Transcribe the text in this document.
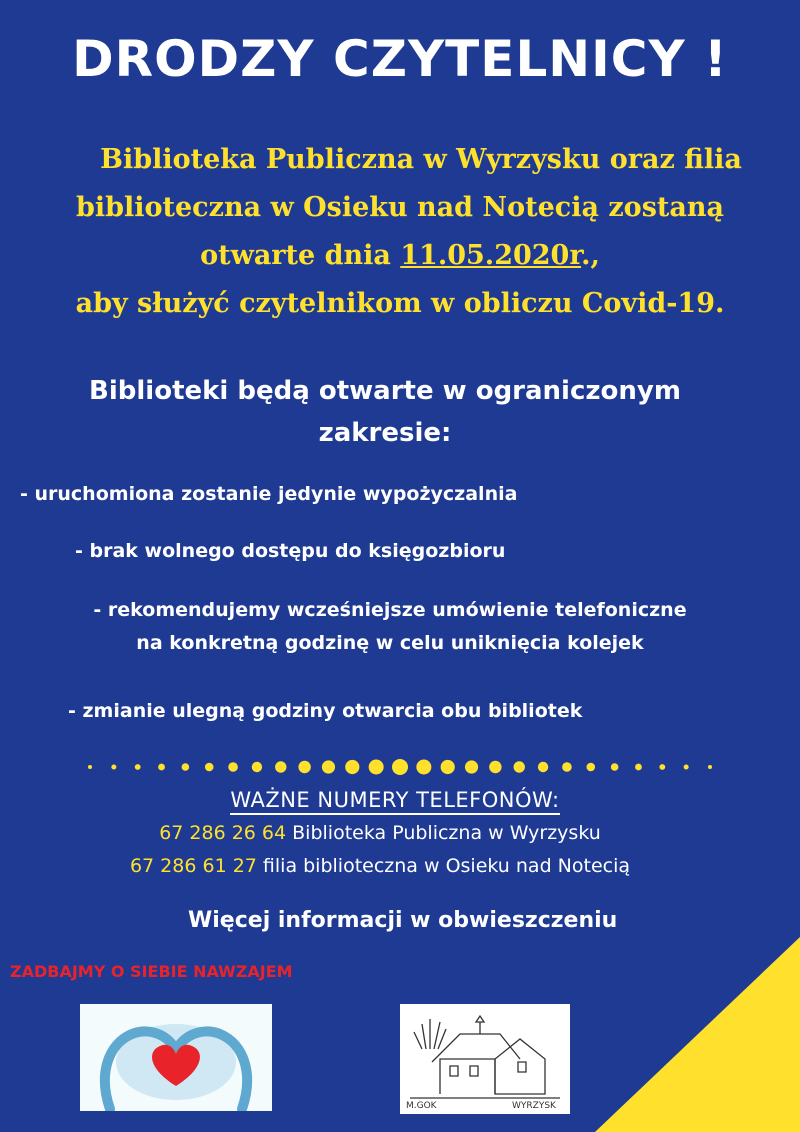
DRODZY CZYTELNICY !
Biblioteka Publiczna w Wyrzysku oraz filia
biblioteczna w Osieku nad Notecią zostaną
otwarte dnia 11.05.2020r.,
aby służyć czytelnikom w obliczu Covid-19.
Biblioteki będą otwarte w ograniczonym
zakresie:
- uruchomiona zostanie jedynie wypożyczalnia
- brak wolnego dostępu do księgozbioru
- rekomendujemy wcześniejsze umówienie telefoniczne
na konkretną godzinę w celu uniknięcia kolejek
- zmianie ulegną godziny otwarcia obu bibliotek
WAŻNE NUMERY TELEFONÓW:
67 286 26 64 Biblioteka Publiczna w Wyrzysku
67 286 61 27 filia biblioteczna w Osieku nad Notecią
Więcej informacji w obwieszczeniu
ZADBAJMY O SIEBIE NAWZAJEM
M.GOK	WYRZYSK
